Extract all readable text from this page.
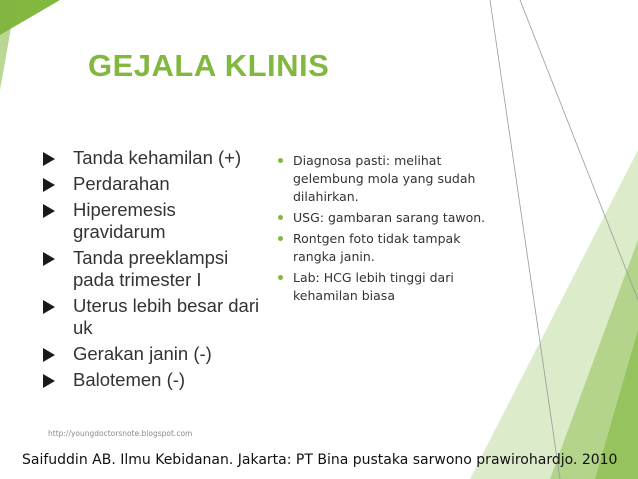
GEJALA KLINIS
Tanda kehamilan (+)
Perdarahan
Hiperemesis gravidarum
Tanda preeklampsi pada trimester I
Uterus lebih besar dari uk
Gerakan janin (-)
Balotemen (-)
Diagnosa pasti: melihat gelembung mola yang sudah dilahirkan.
USG: gambaran sarang tawon.
Rontgen foto tidak tampak rangka janin.
Lab: HCG lebih tinggi dari kehamilan biasa
http://youngdoctorsnote.blogspot.com
Saifuddin AB. Ilmu Kebidanan. Jakarta: PT Bina pustaka sarwono prawirohardjo. 2010
